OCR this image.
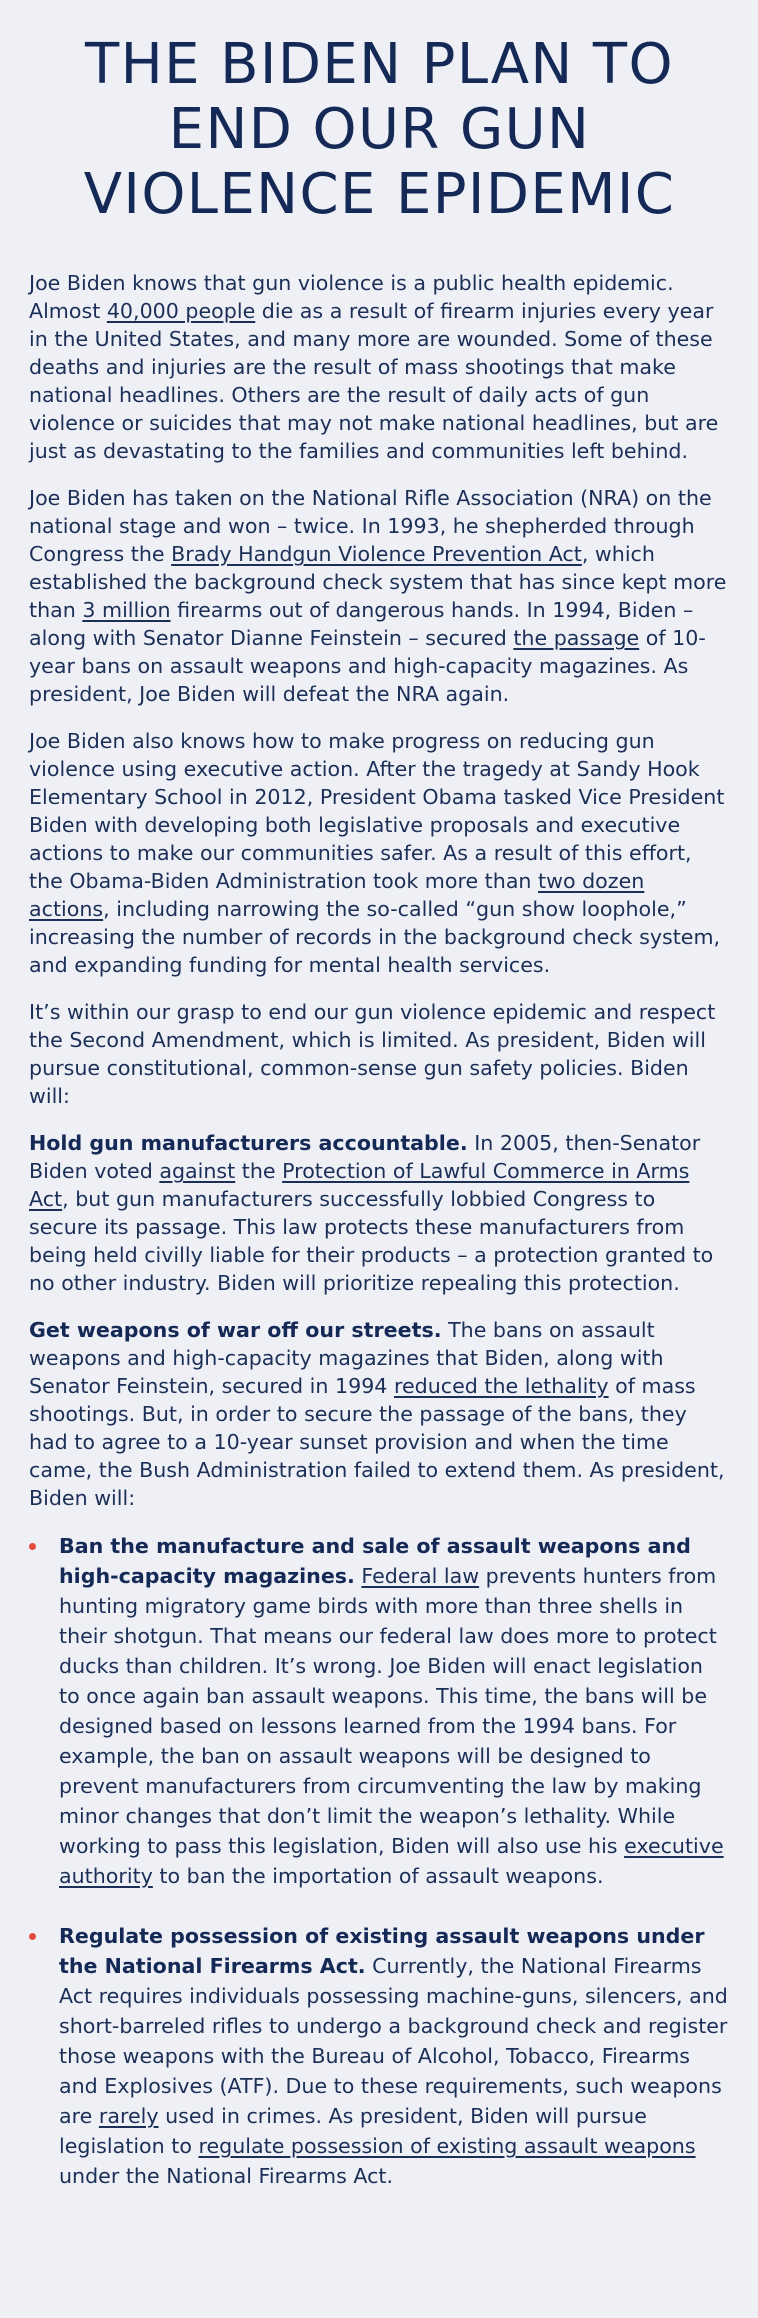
THE BIDEN PLAN TO
END OUR GUN
VIOLENCE EPIDEMIC

Joe Biden knows that gun violence is a public health epidemic. Almost 40,000 people die as a result of firearm injuries every year in the United States, and many more are wounded. Some of these deaths and injuries are the result of mass shootings that make national headlines. Others are the result of daily acts of gun violence or suicides that may not make national headlines, but are just as devastating to the families and communities left behind.

Joe Biden has taken on the National Rifle Association (NRA) on the national stage and won – twice. In 1993, he shepherded through Congress the Brady Handgun Violence Prevention Act, which established the background check system that has since kept more than 3 million firearms out of dangerous hands. In 1994, Biden – along with Senator Dianne Feinstein – secured the passage of 10-year bans on assault weapons and high-capacity magazines. As president, Joe Biden will defeat the NRA again.

Joe Biden also knows how to make progress on reducing gun violence using executive action. After the tragedy at Sandy Hook Elementary School in 2012, President Obama tasked Vice President Biden with developing both legislative proposals and executive actions to make our communities safer. As a result of this effort, the Obama-Biden Administration took more than two dozen actions, including narrowing the so-called “gun show loophole,” increasing the number of records in the background check system, and expanding funding for mental health services.

It’s within our grasp to end our gun violence epidemic and respect the Second Amendment, which is limited. As president, Biden will pursue constitutional, common-sense gun safety policies. Biden will:

Hold gun manufacturers accountable. In 2005, then-Senator Biden voted against the Protection of Lawful Commerce in Arms Act, but gun manufacturers successfully lobbied Congress to secure its passage. This law protects these manufacturers from being held civilly liable for their products – a protection granted to no other industry. Biden will prioritize repealing this protection.

Get weapons of war off our streets. The bans on assault weapons and high-capacity magazines that Biden, along with Senator Feinstein, secured in 1994 reduced the lethality of mass shootings. But, in order to secure the passage of the bans, they had to agree to a 10-year sunset provision and when the time came, the Bush Administration failed to extend them. As president, Biden will:

Ban the manufacture and sale of assault weapons and high-capacity magazines. Federal law prevents hunters from hunting migratory game birds with more than three shells in their shotgun. That means our federal law does more to protect ducks than children. It’s wrong. Joe Biden will enact legislation to once again ban assault weapons. This time, the bans will be designed based on lessons learned from the 1994 bans. For example, the ban on assault weapons will be designed to prevent manufacturers from circumventing the law by making minor changes that don’t limit the weapon’s lethality. While working to pass this legislation, Biden will also use his executive authority to ban the importation of assault weapons.
Regulate possession of existing assault weapons under the National Firearms Act. Currently, the National Firearms Act requires individuals possessing machine-guns, silencers, and short-barreled rifles to undergo a background check and register those weapons with the Bureau of Alcohol, Tobacco, Firearms and Explosives (ATF). Due to these requirements, such weapons are rarely used in crimes. As president, Biden will pursue legislation to regulate possession of existing assault weapons under the National Firearms Act.
